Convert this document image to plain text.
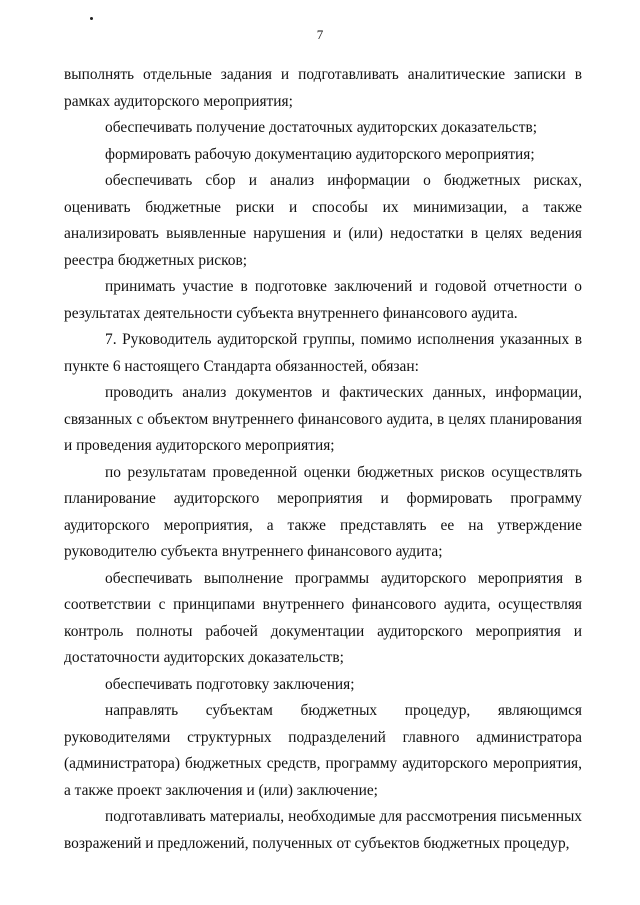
7

выполнять отдельные задания и подготавливать аналитические записки в рамках аудиторского мероприятия;

обеспечивать получение достаточных аудиторских доказательств;

формировать рабочую документацию аудиторского мероприятия;

обеспечивать сбор и анализ информации о бюджетных рисках, оценивать бюджетные риски и способы их минимизации, а также анализировать выявленные нарушения и (или) недостатки в целях ведения реестра бюджетных рисков;

принимать участие в подготовке заключений и годовой отчетности о результатах деятельности субъекта внутреннего финансового аудита.

7. Руководитель аудиторской группы, помимо исполнения указанных в пункте 6 настоящего Стандарта обязанностей, обязан:

проводить анализ документов и фактических данных, информации, связанных с объектом внутреннего финансового аудита, в целях планирования и проведения аудиторского мероприятия;

по результатам проведенной оценки бюджетных рисков осуществлять планирование аудиторского мероприятия и формировать программу аудиторского мероприятия, а также представлять ее на утверждение руководителю субъекта внутреннего финансового аудита;

обеспечивать выполнение программы аудиторского мероприятия в соответствии с принципами внутреннего финансового аудита, осуществляя контроль полноты рабочей документации аудиторского мероприятия и достаточности аудиторских доказательств;

обеспечивать подготовку заключения;

направлять субъектам бюджетных процедур, являющимся руководителями структурных подразделений главного администратора (администратора) бюджетных средств, программу аудиторского мероприятия, а также проект заключения и (или) заключение;

подготавливать материалы, необходимые для рассмотрения письменных возражений и предложений, полученных от субъектов бюджетных процедур,
